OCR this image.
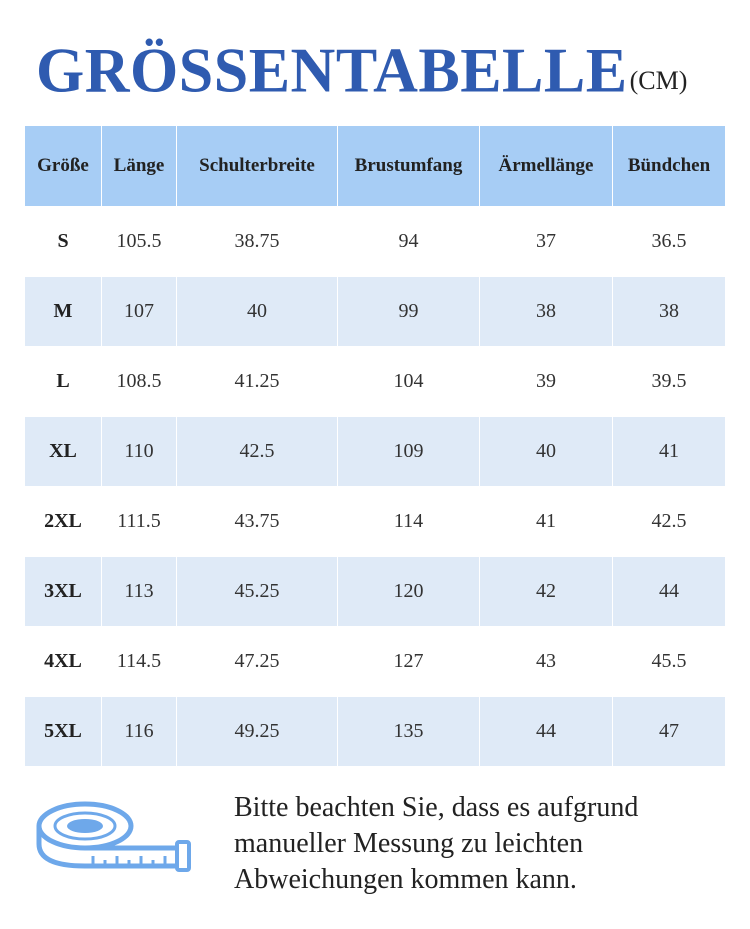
GRÖSSENTABELLE(CM)
Größe	Länge	Schulterbreite	Brustumfang	Ärmellänge	Bündchen
S	105.5	38.75	94	37	36.5
M	107	40	99	38	38
L	108.5	41.25	104	39	39.5
XL	110	42.5	109	40	41
2XL	111.5	43.75	114	41	42.5
3XL	113	45.25	120	42	44
4XL	114.5	47.25	127	43	45.5
5XL	116	49.25	135	44	47
Bitte beachten Sie, dass es aufgrund
manueller Messung zu leichten
Abweichungen kommen kann.
